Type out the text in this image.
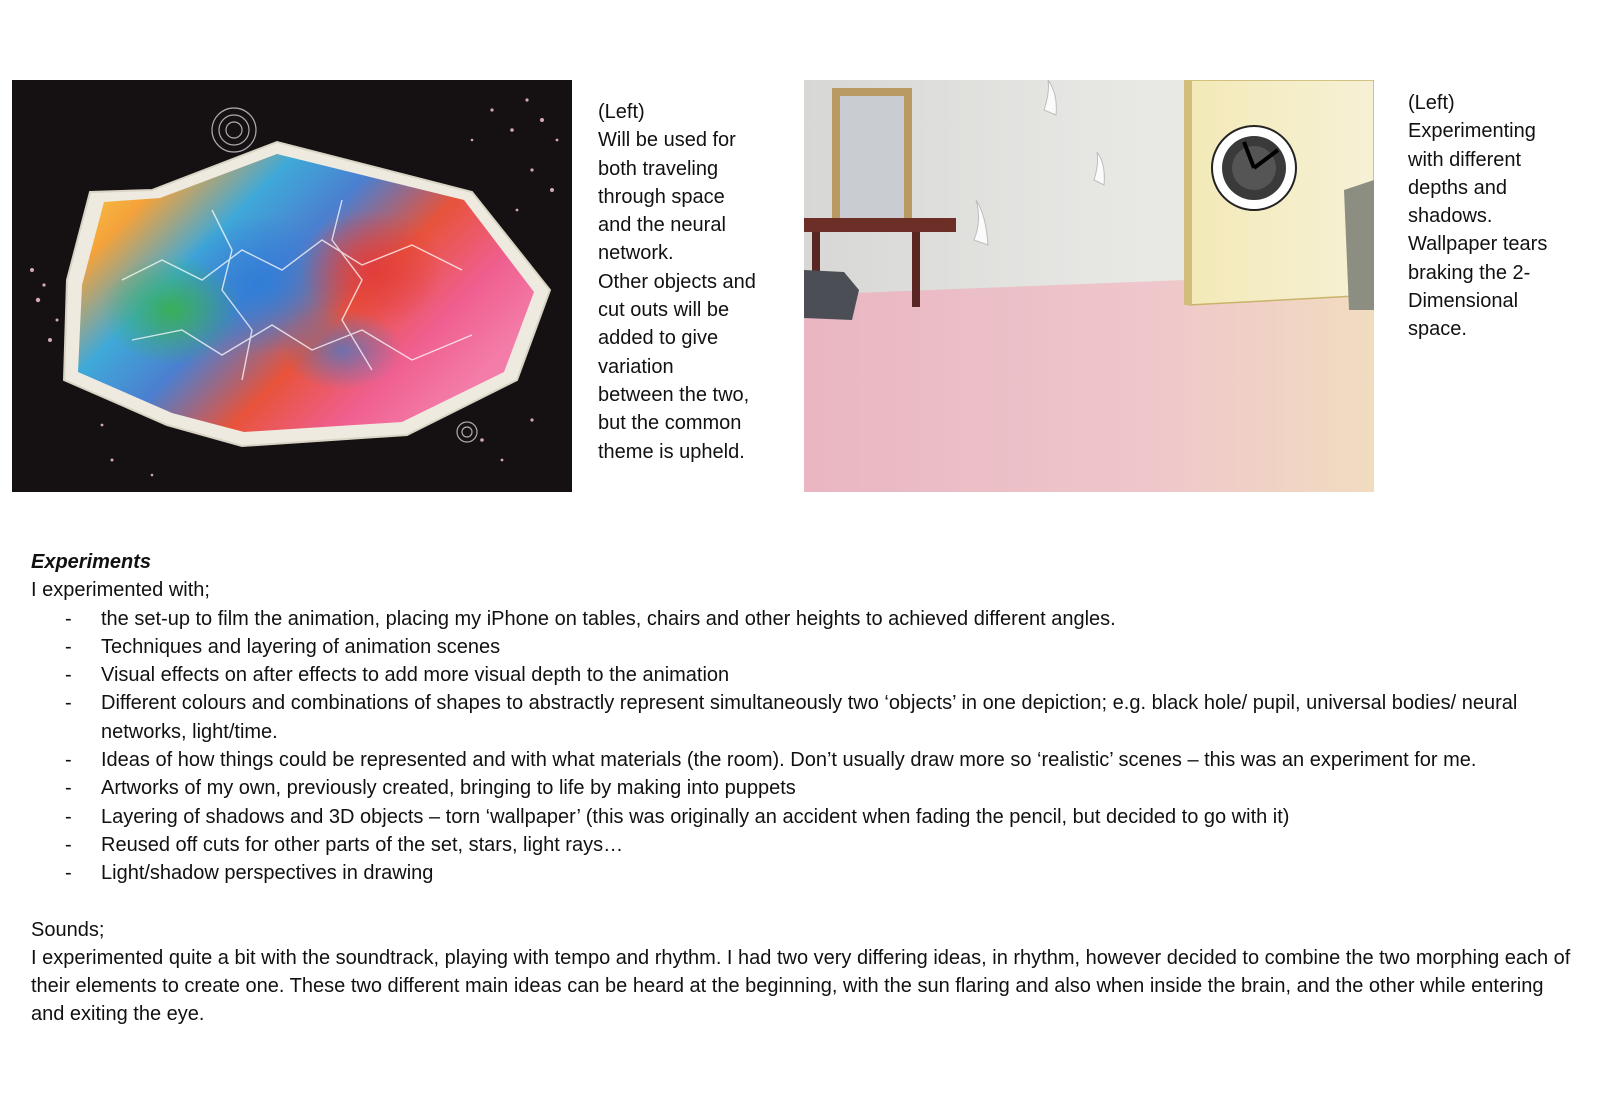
(Left)
Will be used for
both traveling
through space
and the neural
network.
Other objects and
cut outs will be
added to give
variation
between the two,
but the common
theme is upheld.
(Left)
Experimenting
with different
depths and
shadows.
Wallpaper tears
braking the 2-
Dimensional
space.

Experiments

I experimented with;

- the set-up to film the animation, placing my iPhone on tables, chairs and other heights to achieved different angles.
- Techniques and layering of animation scenes
- Visual effects on after effects to add more visual depth to the animation
- Different colours and combinations of shapes to abstractly represent simultaneously two ‘objects’ in one depiction; e.g. black hole/ pupil, universal bodies/ neural networks, light/time.
- Ideas of how things could be represented and with what materials (the room). Don’t usually draw more so ‘realistic’ scenes – this was an experiment for me.
- Artworks of my own, previously created, bringing to life by making into puppets
- Layering of shadows and 3D objects – torn ‘wallpaper’ (this was originally an accident when fading the pencil, but decided to go with it)
- Reused off cuts for other parts of the set, stars, light rays…
- Light/shadow perspectives in drawing

Sounds;

I experimented quite a bit with the soundtrack, playing with tempo and rhythm. I had two very differing ideas, in rhythm, however decided to combine the two morphing each of their elements to create one. These two different main ideas can be heard at the beginning, with the sun flaring and also when inside the brain, and the other while entering and exiting the eye.
